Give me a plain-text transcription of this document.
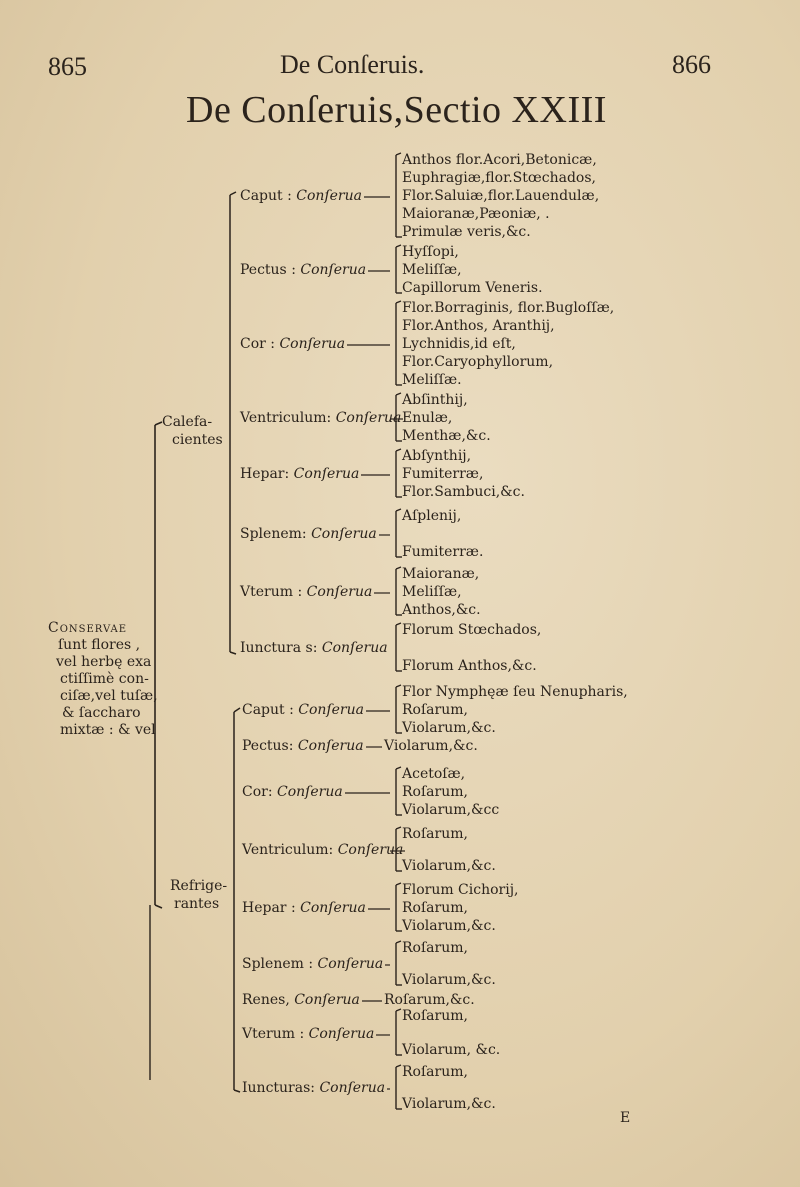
865	De Conſeruis.	866
De Conſeruis,Sectio XXIII
Conservae
ſunt flores ,
vel herbę exa
ctiſſimè con-
ciſæ,vel tuſæ,
& ſaccharo
mixtæ : & vel
Calefa-
cientes
Refrige-
rantes
E
Caput : Conſerua
Anthos flor.Acori,Betonicæ,
Euphragiæ,flor.Stœchados,
Flor.Saluiæ,flor.Lauendulæ,
Maioranæ,Pæoniæ, .
Primulæ veris,&c.
Pectus : Conſerua
Hyſſopi,
Meliſſæ,
Capillorum Veneris.
Cor : Conſerua
Flor.Borraginis, flor.Bugloſſæ,
Flor.Anthos, Aranthij,
Lychnidis,id eſt,
Flor.Caryophyllorum,
Meliſſæ.
Ventriculum: Conſerua
Abſinthij,
Enulæ,
Menthæ,&c.
Hepar: Conſerua
Abſynthij,
Fumiterræ,
Flor.Sambuci,&c.
Splenem: Conſerua
Aſplenij,
Fumiterræ.
Vterum : Conſerua
Maioranæ,
Meliſſæ,
Anthos,&c.
Iunctura s: Conſerua
Florum Stœchados,
Florum Anthos,&c.
Caput : Conſerua
Flor Nymphęæ ſeu Nenupharis,
Roſarum,
Violarum,&c.
Pectus: Conſerua Violarum,&c.
Cor: Conſerua
Acetoſæ,
Roſarum,
Violarum,&cc
Ventriculum: Conſerua
Roſarum,
Violarum,&c.
Hepar : Conſerua
Florum Cichorij,
Roſarum,
Violarum,&c.
Splenem : Conſerua
Roſarum,
Violarum,&c.
Renes, Conſerua Roſarum,&c.
Vterum : Conſerua
Roſarum,
Violarum, &c.
Iuncturas: Conſerua
Roſarum,
Violarum,&c.
